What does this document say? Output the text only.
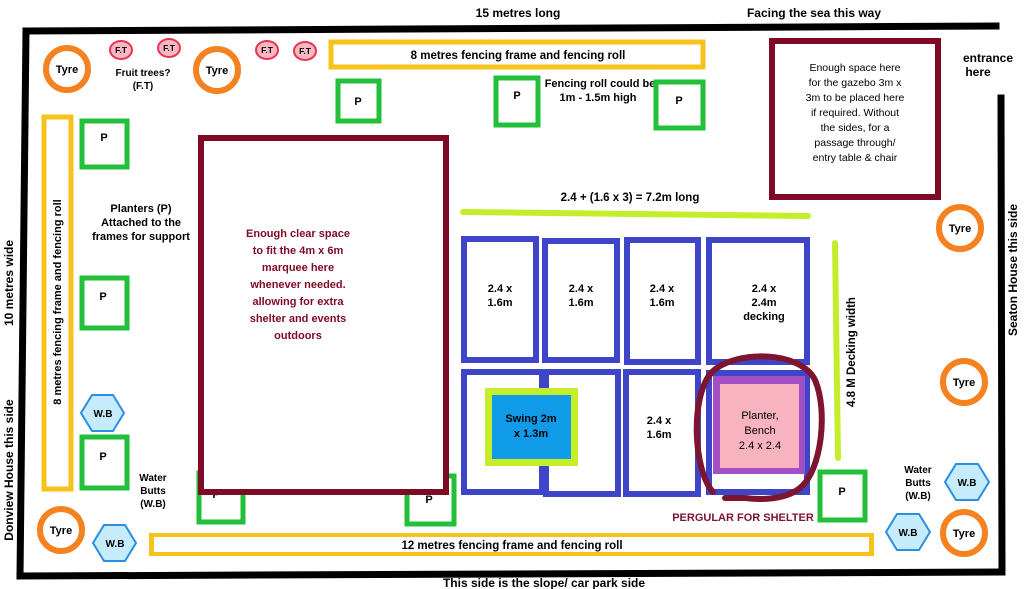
15 metres long	Facing the sea this way
entrance
here
10 metres wide
Donview House this side
Seaton House this side
This side is the slope/ car park side
8 metres fencing frame and fencing roll
8 metres fencing frame and fencing roll
12 metres fencing frame and fencing roll
Fencing roll could be
1m - 1.5m high
Tyre	Tyre
Tyre
Tyre
Tyre	Tyre
F.T	F.T	F.T	F.T
Fruit trees?
(F.T)
P	P	P
P
P
P
P
P
Planters (P)
Attached to the
frames for support
W.B
W.B
W.B
W.B
Water
Butts
(W.B)
Water
Butts
(W.B)
Enough clear space
to fit the 4m x 6m
marquee here
whenever needed.
allowing for extra
shelter and events
outdoors
Enough space here
for the gazebo 3m x
3m to be placed here
if required. Without
the sides, for a
passage through/
entry table & chair
2.4 + (1.6 x 3) = 7.2m long
4.8 M Decking width
2.4 x
1.6m
2.4 x
1.6m
2.4 x
1.6m
2.4 x
2.4m
decking
2.4 x
1.6m
Swing 2m
x 1.3m
Planter,
Bench
2.4 x 2.4
PERGULAR FOR SHELTER
